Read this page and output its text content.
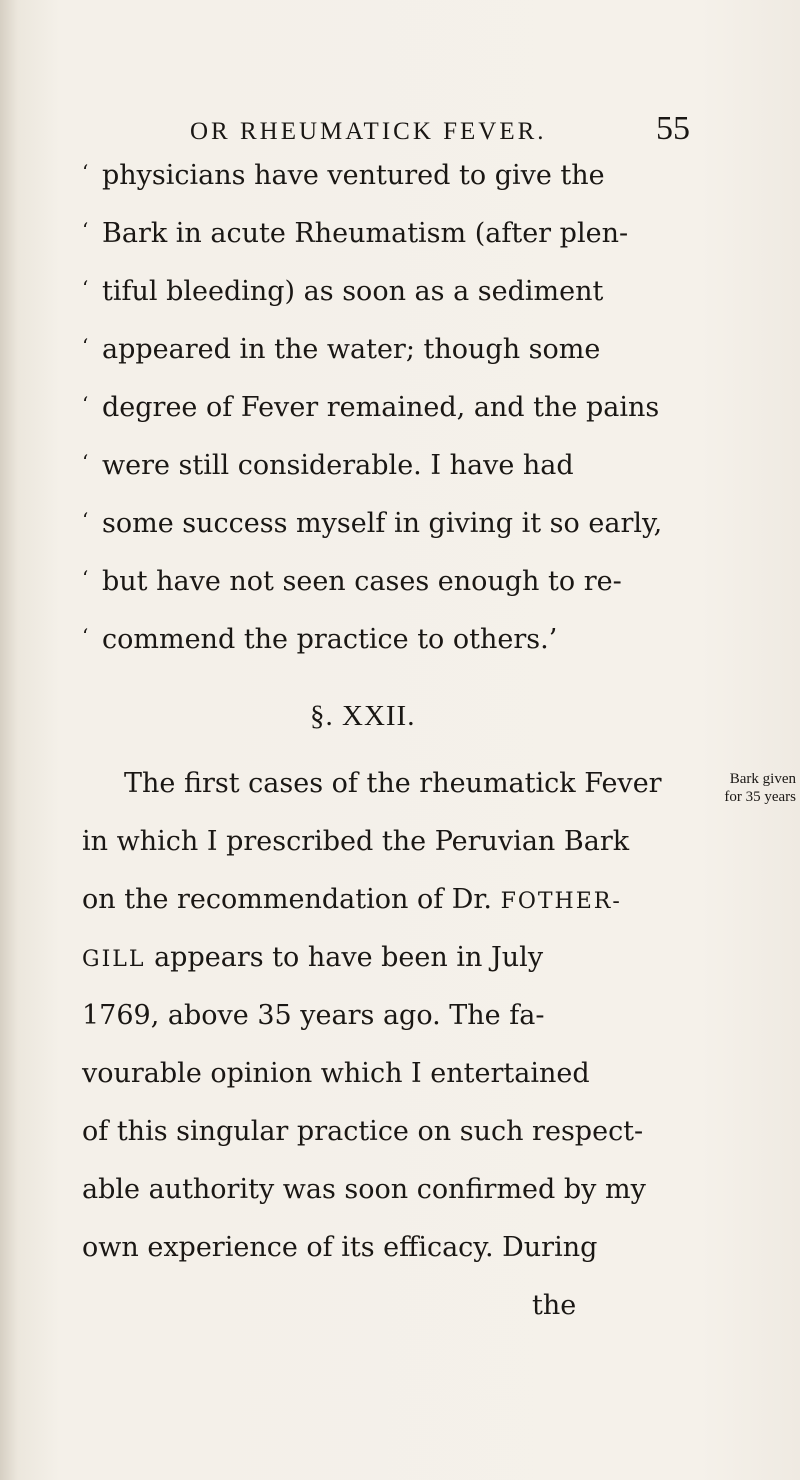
OR RHEUMATICK FEVER.	55
‘ physicians have ventured to give the
‘ Bark in acute Rheumatism (after plen-
‘ tiful bleeding) as soon as a sediment
‘ appeared in the water; though some
‘ degree of Fever remained, and the pains
‘ were still considerable. I have had
‘ some success myself in giving it so early,
‘ but have not seen cases enough to re-
‘ commend the practice to others.’
§. XXII.
Bark given
for 35 years
The first cases of the rheumatick Fever
in which I prescribed the Peruvian Bark
on the recommendation of Dr. FOTHER-
GILL appears to have been in July
1769, above 35 years ago. The fa-
vourable opinion which I entertained
of this singular practice on such respect-
able authority was soon confirmed by my
own experience of its efficacy. During
the
